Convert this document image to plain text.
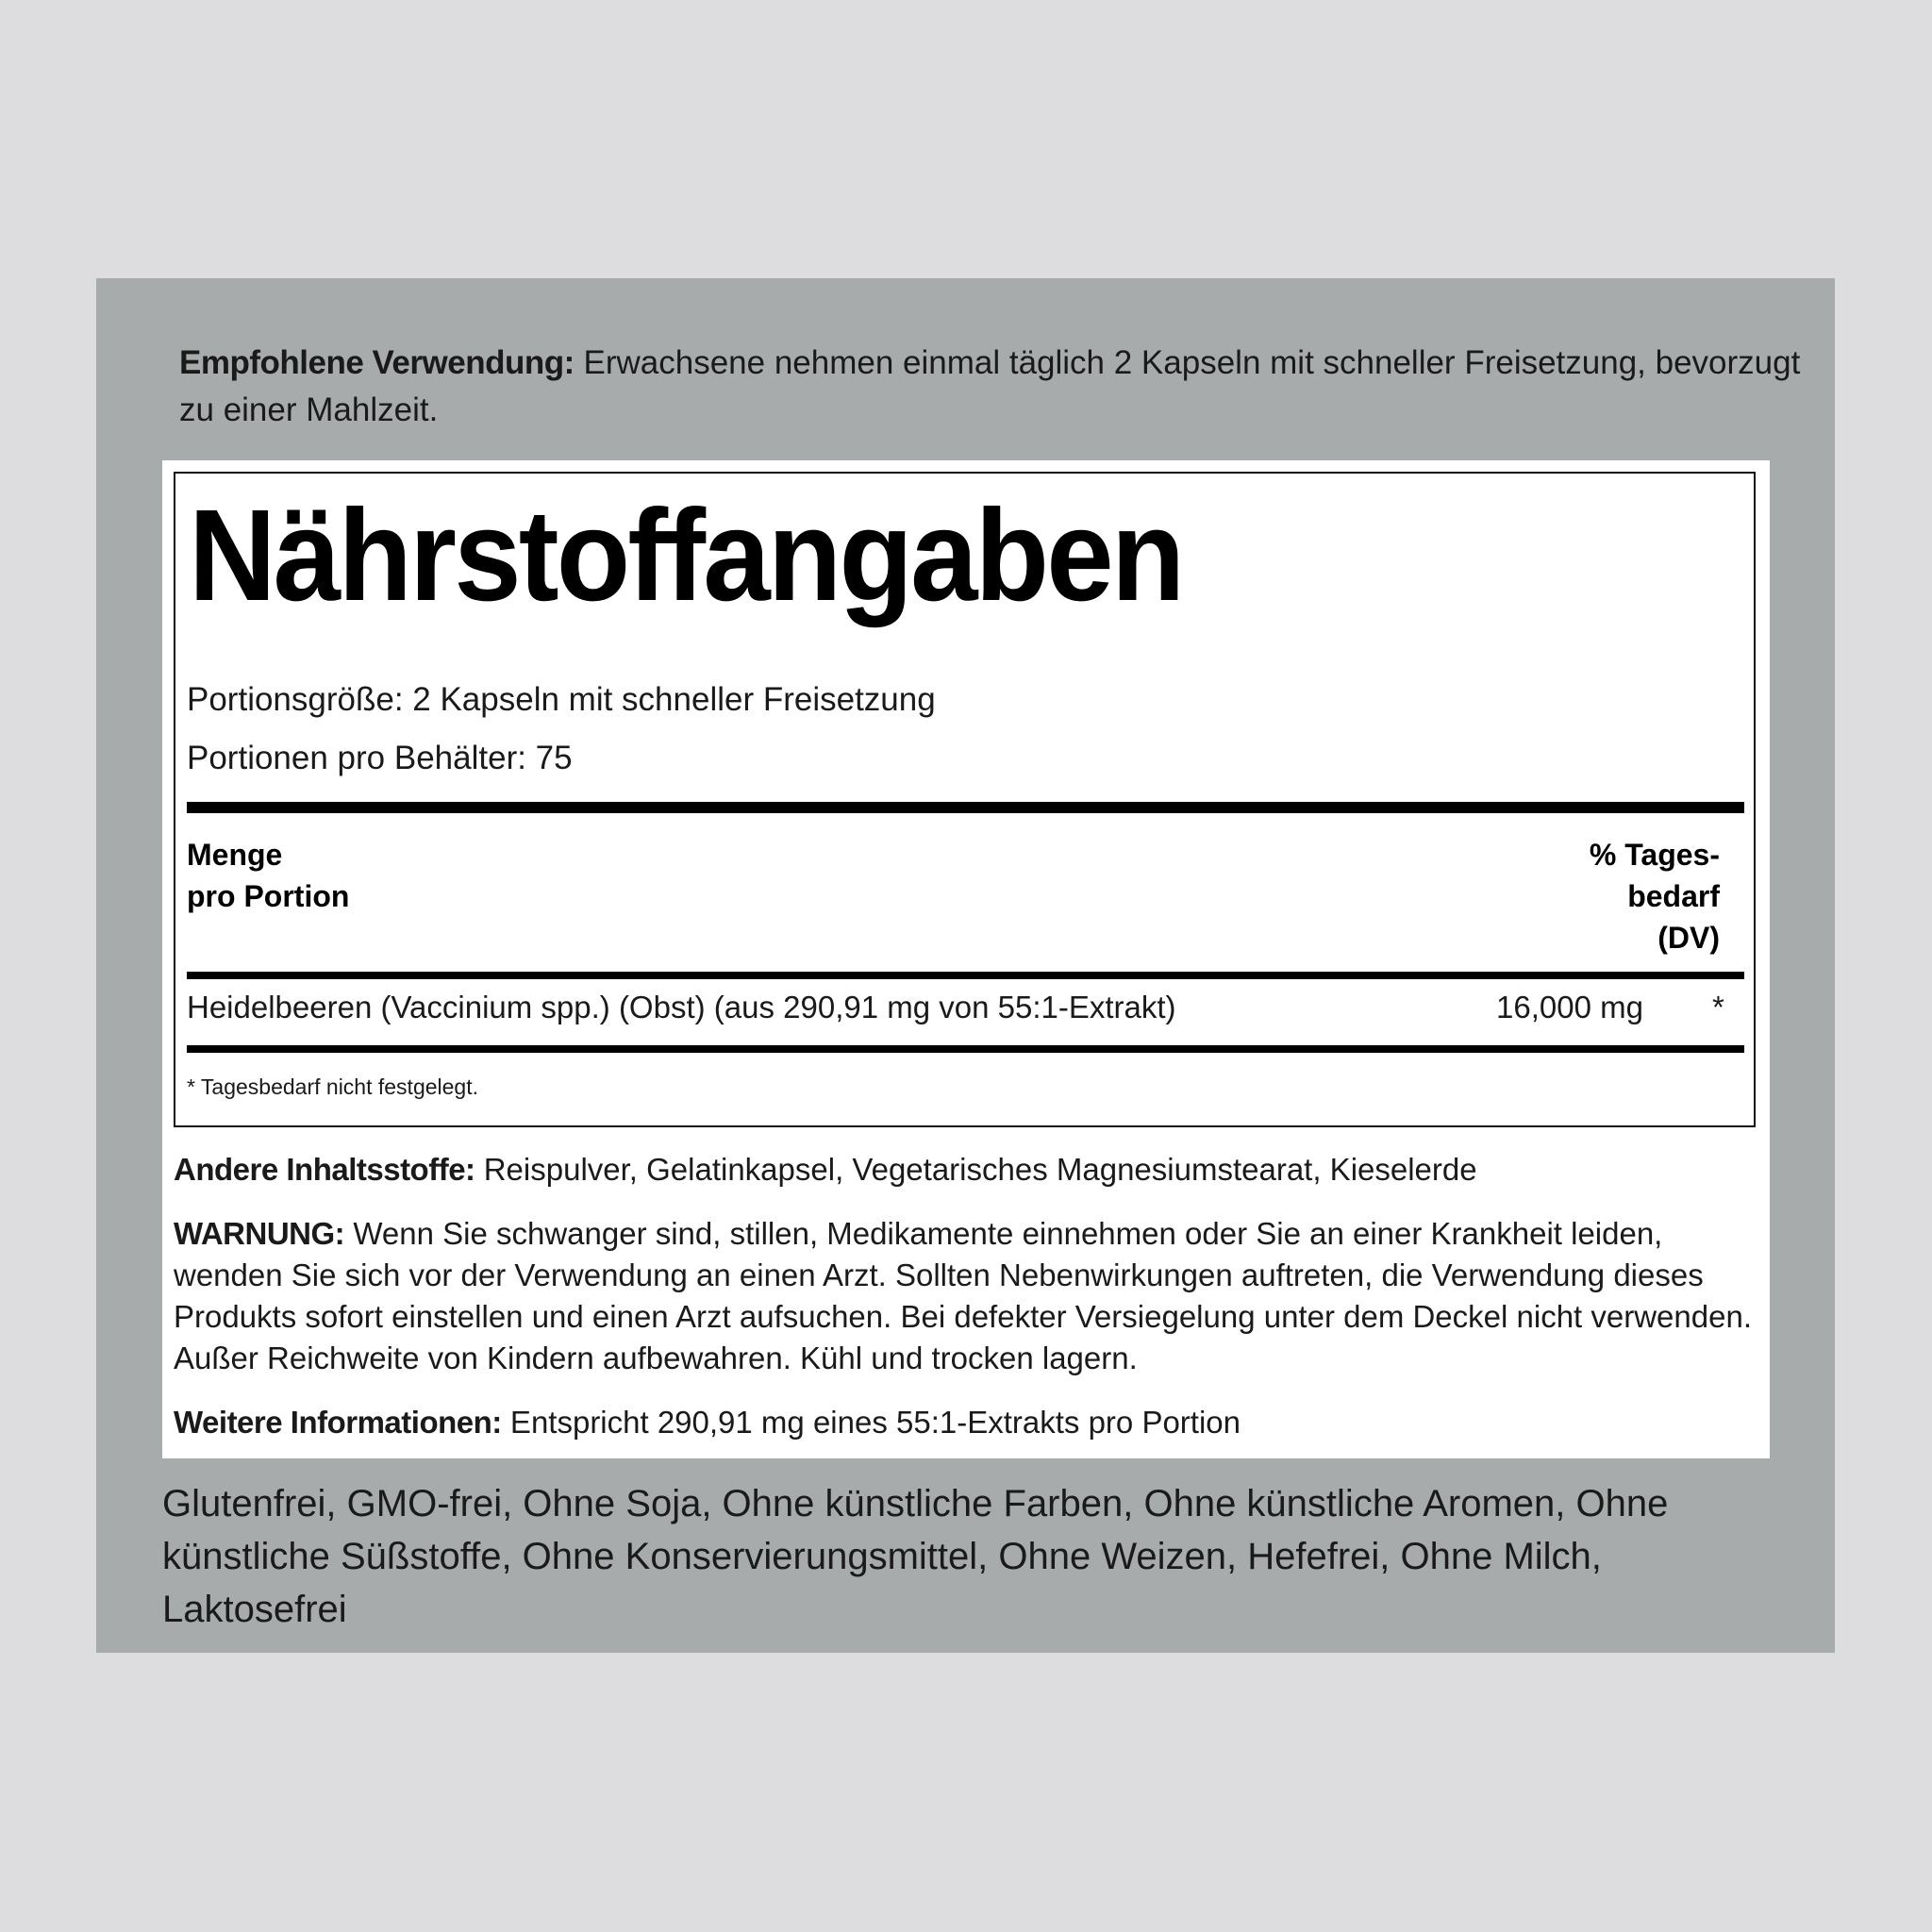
Empfohlene Verwendung: Erwachsene nehmen einmal täglich 2 Kapseln mit schneller Freisetzung, bevorzugt zu einer Mahlzeit.
Nährstoffangaben
Portionsgröße: 2 Kapseln mit schneller Freisetzung
Portionen pro Behälter: 75
Menge
pro Portion
% Tages-
bedarf
(DV)
Heidelbeeren (Vaccinium spp.) (Obst) (aus 290,91 mg von 55:1-Extrakt)	16,000 mg *
* Tagesbedarf nicht festgelegt.
Andere Inhaltsstoffe: Reispulver, Gelatinkapsel, Vegetarisches Magnesiumstearat, Kieselerde
WARNUNG: Wenn Sie schwanger sind, stillen, Medikamente einnehmen oder Sie an einer Krankheit leiden, wenden Sie sich vor der Verwendung an einen Arzt. Sollten Nebenwirkungen auftreten, die Verwendung dieses Produkts sofort einstellen und einen Arzt aufsuchen. Bei defekter Versiegelung unter dem Deckel nicht verwenden. Außer Reichweite von Kindern aufbewahren. Kühl und trocken lagern.
Weitere Informationen: Entspricht 290,91 mg eines 55:1-Extrakts pro Portion
Glutenfrei, GMO-frei, Ohne Soja, Ohne künstliche Farben, Ohne künstliche Aromen, Ohne künstliche Süßstoffe, Ohne Konservierungsmittel, Ohne Weizen, Hefefrei, Ohne Milch, Laktosefrei
